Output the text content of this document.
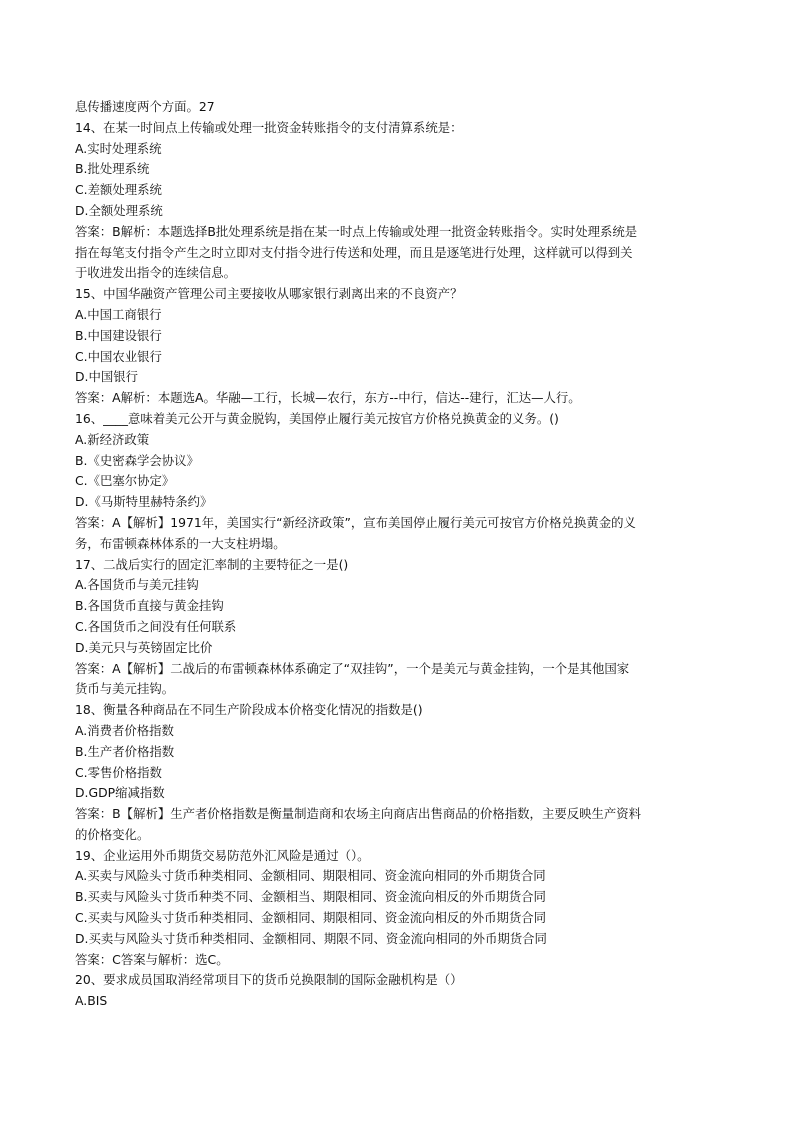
息传播速度两个方面。27
14、在某一时间点上传输或处理一批资金转账指令的支付清算系统是：
A.实时处理系统
B.批处理系统
C.差额处理系统
D.全额处理系统
答案：B解析：本题选择B批处理系统是指在某一时点上传输或处理一批资金转账指令。实时处理系统是
指在每笔支付指令产生之时立即对支付指令进行传送和处理，而且是逐笔进行处理，这样就可以得到关
于收进发出指令的连续信息。
15、中国华融资产管理公司主要接收从哪家银行剥离出来的不良资产？
A.中国工商银行
B.中国建设银行
C.中国农业银行
D.中国银行
答案：A解析：本题选A。华融—工行，长城—农行，东方--中行，信达--建行，汇达—人行。
16、____意味着美元公开与黄金脱钩，美国停止履行美元按官方价格兑换黄金的义务。()
A.新经济政策
B.《史密森学会协议》
C.《巴塞尔协定》
D.《马斯特里赫特条约》
答案：A【解析】1971年，美国实行“新经济政策”，宣布美国停止履行美元可按官方价格兑换黄金的义
务，布雷顿森林体系的一大支柱坍塌。
17、二战后实行的固定汇率制的主要特征之一是()
A.各国货币与美元挂钩
B.各国货币直接与黄金挂钩
C.各国货币之间没有任何联系
D.美元只与英镑固定比价
答案：A【解析】二战后的布雷顿森林体系确定了“双挂钩”，一个是美元与黄金挂钩，一个是其他国家
货币与美元挂钩。
18、衡量各种商品在不同生产阶段成本价格变化情况的指数是()
A.消费者价格指数
B.生产者价格指数
C.零售价格指数
D.GDP缩减指数
答案：B【解析】生产者价格指数是衡量制造商和农场主向商店出售商品的价格指数，主要反映生产资料
的价格变化。
19、企业运用外币期货交易防范外汇风险是通过（）。
A.买卖与风险头寸货币种类相同、金额相同、期限相同、资金流向相同的外币期货合同
B.买卖与风险头寸货币种类不同、金额相当、期限相同、资金流向相反的外币期货合同
C.买卖与风险头寸货币种类相同、金额相同、期限相同、资金流向相反的外币期货合同
D.买卖与风险头寸货币种类相同、金额相同、期限不同、资金流向相同的外币期货合同
答案：C答案与解析：选C。
20、要求成员国取消经常项目下的货币兑换限制的国际金融机构是（）
A.BIS
